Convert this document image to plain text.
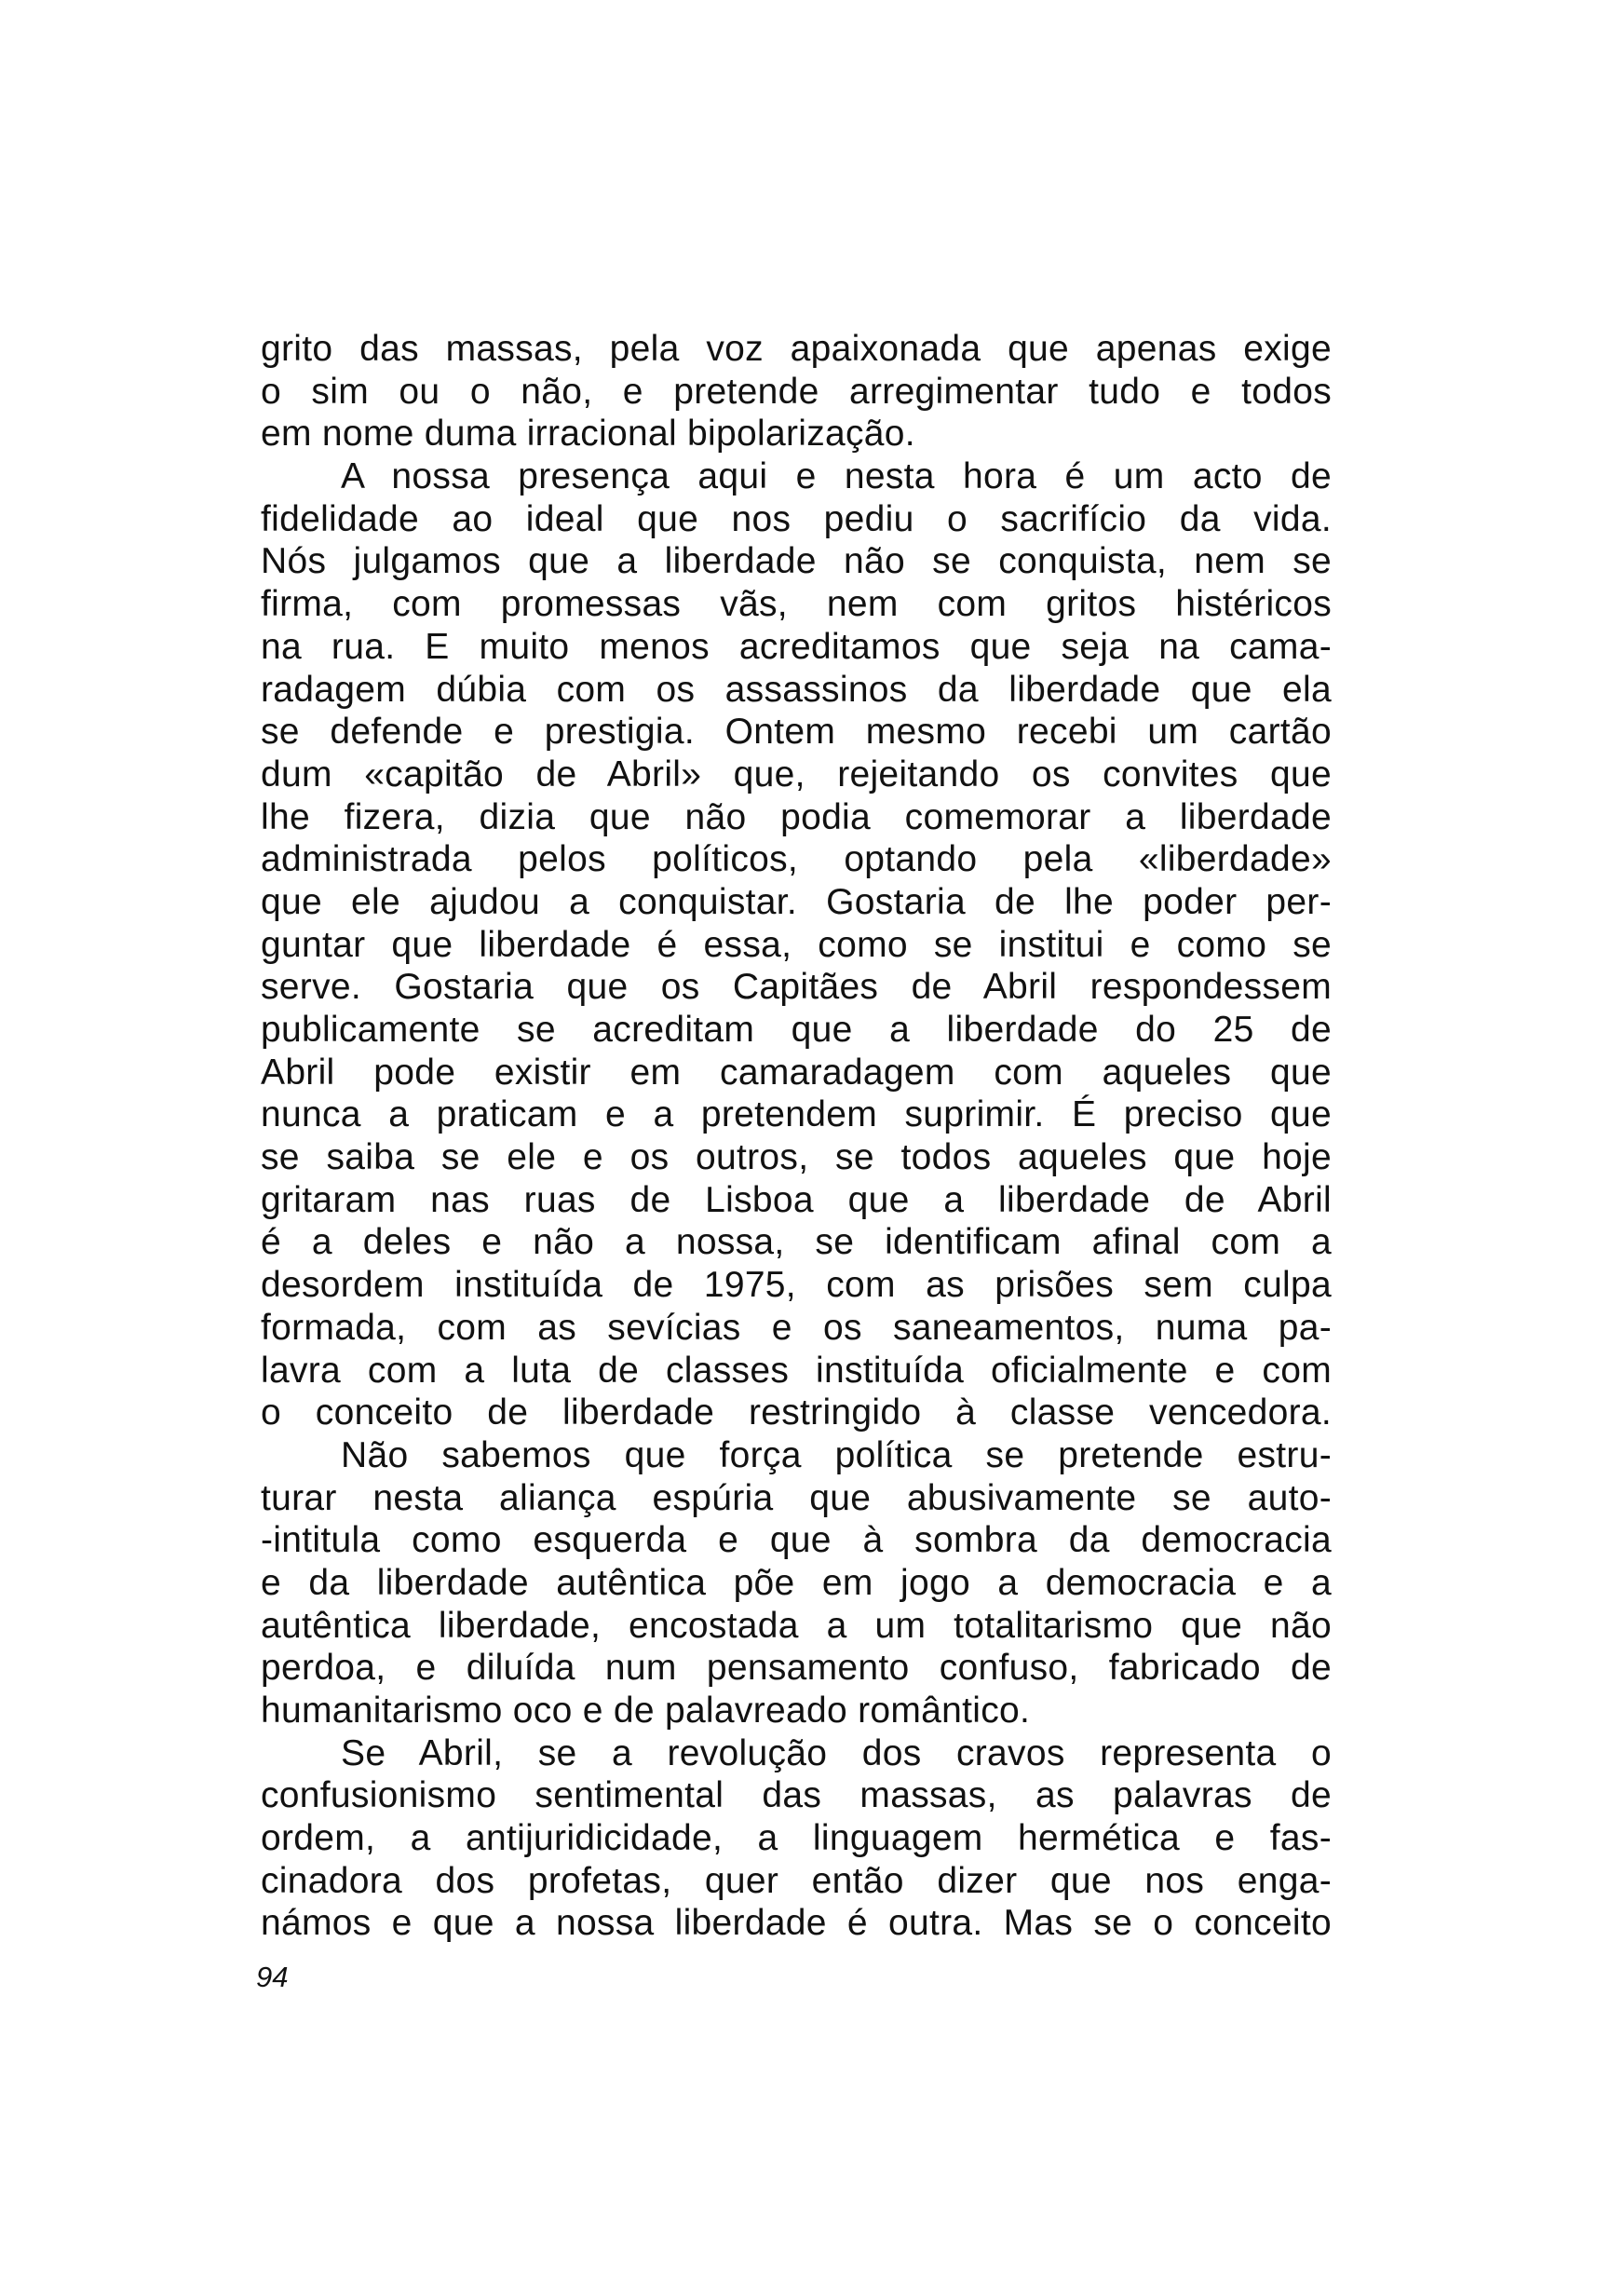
grito das massas, pela voz apaixonada que apenas exige
o sim ou o não, e pretende arregimentar tudo e todos
em nome duma irracional bipolarização.
A nossa presença aqui e nesta hora é um acto de
fidelidade ao ideal que nos pediu o sacrifício da vida.
Nós julgamos que a liberdade não se conquista, nem se
firma, com promessas vãs, nem com gritos histéricos
na rua. E muito menos acreditamos que seja na cama-
radagem dúbia com os assassinos da liberdade que ela
se defende e prestigia. Ontem mesmo recebi um cartão
dum «capitão de Abril» que, rejeitando os convites que
lhe fizera, dizia que não podia comemorar a liberdade
administrada pelos políticos, optando pela «liberdade»
que ele ajudou a conquistar. Gostaria de lhe poder per-
guntar que liberdade é essa, como se institui e como se
serve. Gostaria que os Capitães de Abril respondessem
publicamente se acreditam que a liberdade do 25 de
Abril pode existir em camaradagem com aqueles que
nunca a praticam e a pretendem suprimir. É preciso que
se saiba se ele e os outros, se todos aqueles que hoje
gritaram nas ruas de Lisboa que a liberdade de Abril
é a deles e não a nossa, se identificam afinal com a
desordem instituída de 1975, com as prisões sem culpa
formada, com as sevícias e os saneamentos, numa pa-
lavra com a luta de classes instituída oficialmente e com
o conceito de liberdade restringido à classe vencedora.
Não sabemos que força política se pretende estru-
turar nesta aliança espúria que abusivamente se auto-
-intitula como esquerda e que à sombra da democracia
e da liberdade autêntica põe em jogo a democracia e a
autêntica liberdade, encostada a um totalitarismo que não
perdoa, e diluída num pensamento confuso, fabricado de
humanitarismo oco e de palavreado romântico.
Se Abril, se a revolução dos cravos representa o
confusionismo sentimental das massas, as palavras de
ordem, a antijuridicidade, a linguagem hermética e fas-
cinadora dos profetas, quer então dizer que nos enga-
námos e que a nossa liberdade é outra. Mas se o conceito
94
